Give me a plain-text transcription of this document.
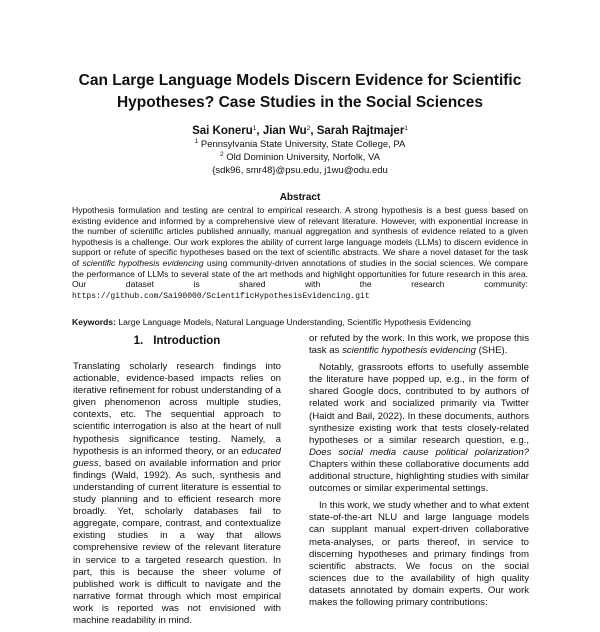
Can Large Language Models Discern Evidence for Scientific Hypotheses? Case Studies in the Social Sciences
Sai Koneru$^1$, Jian Wu$^2$, Sarah Rajtmajer$^1$
$^1$ Pennsylvania State University, State College, PA
$^2$ Old Dominion University, Norfolk, VA
{sdk96, smr48}@psu.edu, j1wu@odu.edu
Abstract

Hypothesis formulation and testing are central to empirical research. A strong hypothesis is a best guess based on existing evidence and informed by a comprehensive view of relevant literature. However, with exponential increase in the number of scientific articles published annually, manual aggregation and synthesis of evidence related to a given hypothesis is a challenge. Our work explores the ability of current large language models (LLMs) to discern evidence in support or refute of specific hypotheses based on the text of scientific abstracts. We share a novel dataset for the task of scientific hypothesis evidencing using community-driven annotations of studies in the social sciences. We compare the performance of LLMs to several state of the art methods and highlight opportunities for future research in this area. Our dataset is shared with the research community: https://github.com/Sai90000/ScientificHypothesisEvidencing.git

Keywords: Large Language Models, Natural Language Understanding, Scientific Hypothesis Evidencing
1. Introduction

Translating scholarly research findings into actionable, evidence-based impacts relies on iterative refinement for robust understanding of a given phenomenon across multiple studies, contexts, etc. The sequential approach to scientific interrogation is also at the heart of null hypothesis significance testing. Namely, a hypothesis is an informed theory, or an educated guess, based on available information and prior findings (Wald, 1992). As such, synthesis and understanding of current literature is essential to study planning and to efficient research more broadly. Yet, scholarly databases fail to aggregate, compare, contrast, and contextualize existing studies in a way that allows comprehensive review of the relevant literature in service to a targeted research question. In part, this is because the sheer volume of published work is difficult to navigate and the narrative format through which most empirical work is reported was not envisioned with machine readability in mind.

or refuted by the work. In this work, we propose this task as scientific hypothesis evidencing (SHE).

Notably, grassroots efforts to usefully assemble the literature have popped up, e.g., in the form of shared Google docs, contributed to by authors of related work and socialized primarily via Twitter (Haidt and Bail, 2022). In these documents, authors synthesize existing work that tests closely-related hypotheses or a similar research question, e.g., Does social media cause political polarization? Chapters within these collaborative documents add additional structure, highlighting studies with similar outcomes or similar experimental settings.

In this work, we study whether and to what extent state-of-the-art NLU and large language models can supplant manual expert-driven collaborative meta-analyses, or parts thereof, in service to discerning hypotheses and primary findings from scientific abstracts. We focus on the social sciences due to the availability of high quality datasets annotated by domain experts. Our work makes the following primary contributions:
